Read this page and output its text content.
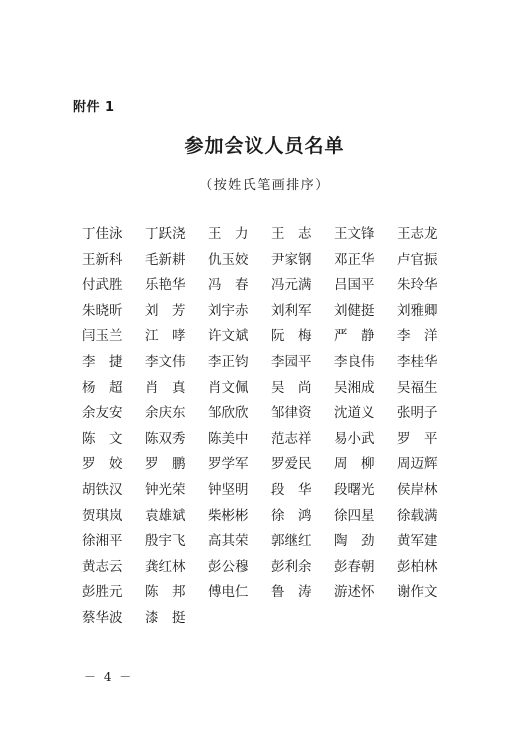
附件 1
参加会议人员名单
（按姓氏笔画排序）
丁佳泳	丁跃浇	王　力	王　志	王文锋	王志龙
王新科	毛新耕	仇玉姣	尹家钢	邓正华	卢官振
付武胜	乐艳华	冯　春	冯元满	吕国平	朱玲华
朱晓昕	刘　芳	刘宇赤	刘利军	刘健挺	刘雅卿
闫玉兰	江　哮	许文斌	阮　梅	严　静	李　洋
李　捷	李文伟	李正钧	李园平	李良伟	李桂华
杨　超	肖　真	肖文佩	吴　尚	吴湘成	吴福生
余友安	余庆东	邹欣欣	邹律资	沈道义	张明子
陈　文	陈双秀	陈美中	范志祥	易小武	罗　平
罗　姣	罗　鹏	罗学军	罗爱民	周　柳	周迈辉
胡铁汉	钟光荣	钟坚明	段　华	段曙光	侯岸林
贺琪岚	袁雄斌	柴彬彬	徐　鸿	徐四星	徐载满
徐湘平	殷宇飞	高其荣	郭继红	陶　劲	黄军建
黄志云	龚红林	彭公穆	彭利余	彭春朝	彭柏林
彭胜元	陈　邦	傅电仁	鲁　涛	游述怀	谢作文
蔡华波	漆　挺
－ 4 －
